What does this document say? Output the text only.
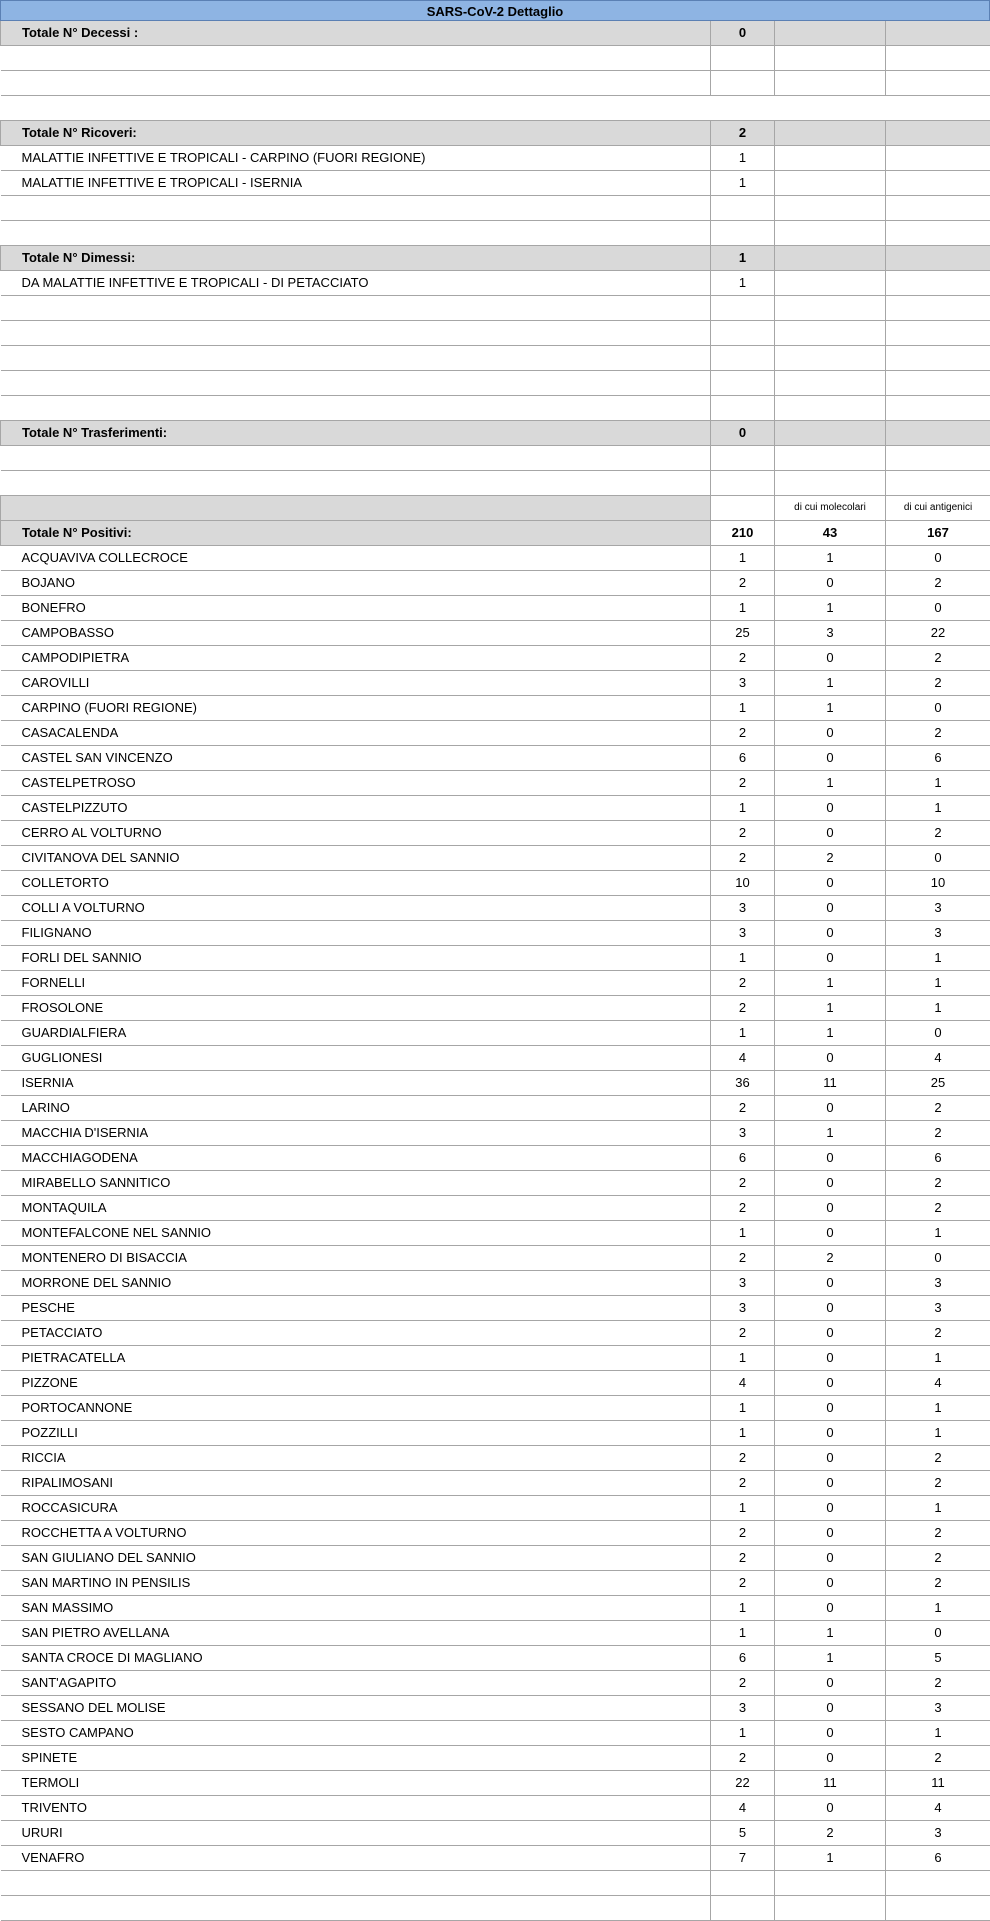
SARS-CoV-2 Dettaglio
Totale N° Decessi :	0		

Totale N° Ricoveri:	2		
MALATTIE INFETTIVE E TROPICALI - CARPINO (FUORI REGIONE)	1		
MALATTIE INFETTIVE E TROPICALI - ISERNIA	1		

Totale N° Dimessi:	1		
DA MALATTIE INFETTIVE E TROPICALI - DI PETACCIATO	1		

Totale N° Trasferimenti:	0		

		di cui molecolari	di cui antigenici
Totale N° Positivi:	210	43	167
ACQUAVIVA COLLECROCE	1	1	0
BOJANO	2	0	2
BONEFRO	1	1	0
CAMPOBASSO	25	3	22
CAMPODIPIETRA	2	0	2
CAROVILLI	3	1	2
CARPINO (FUORI REGIONE)	1	1	0
CASACALENDA	2	0	2
CASTEL SAN VINCENZO	6	0	6
CASTELPETROSO	2	1	1
CASTELPIZZUTO	1	0	1
CERRO AL VOLTURNO	2	0	2
CIVITANOVA DEL SANNIO	2	2	0
COLLETORTO	10	0	10
COLLI A VOLTURNO	3	0	3
FILIGNANO	3	0	3
FORLI DEL SANNIO	1	0	1
FORNELLI	2	1	1
FROSOLONE	2	1	1
GUARDIALFIERA	1	1	0
GUGLIONESI	4	0	4
ISERNIA	36	11	25
LARINO	2	0	2
MACCHIA D'ISERNIA	3	1	2
MACCHIAGODENA	6	0	6
MIRABELLO SANNITICO	2	0	2
MONTAQUILA	2	0	2
MONTEFALCONE NEL SANNIO	1	0	1
MONTENERO DI BISACCIA	2	2	0
MORRONE DEL SANNIO	3	0	3
PESCHE	3	0	3
PETACCIATO	2	0	2
PIETRACATELLA	1	0	1
PIZZONE	4	0	4
PORTOCANNONE	1	0	1
POZZILLI	1	0	1
RICCIA	2	0	2
RIPALIMOSANI	2	0	2
ROCCASICURA	1	0	1
ROCCHETTA A VOLTURNO	2	0	2
SAN GIULIANO DEL SANNIO	2	0	2
SAN MARTINO IN PENSILIS	2	0	2
SAN MASSIMO	1	0	1
SAN PIETRO AVELLANA	1	1	0
SANTA CROCE DI MAGLIANO	6	1	5
SANT'AGAPITO	2	0	2
SESSANO DEL MOLISE	3	0	3
SESTO CAMPANO	1	0	1
SPINETE	2	0	2
TERMOLI	22	11	11
TRIVENTO	4	0	4
URURI	5	2	3
VENAFRO	7	1	6
